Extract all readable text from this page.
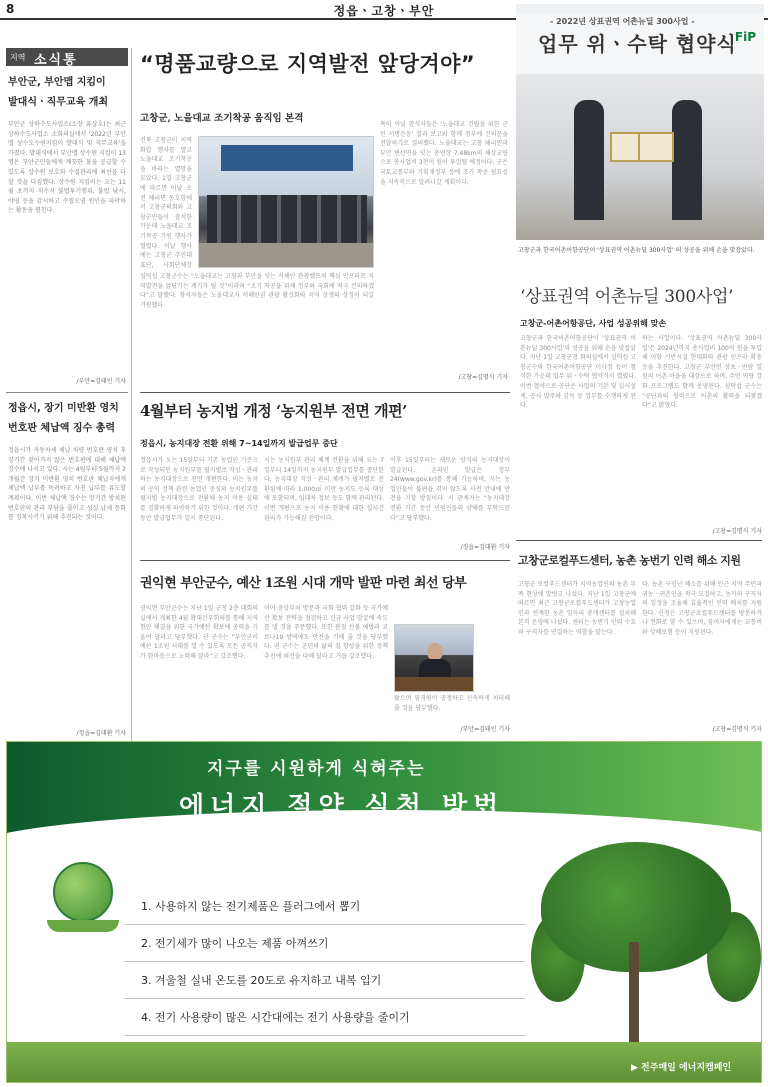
8	정읍ㆍ고창ㆍ부안
지역 소식통
부안군, 부안맵 지킴이
발대식ㆍ직무교육 개최
부안군 상하수도사업소(소장 유상호)는 최근 상하수도사업소 소회의실에서 '2022년 부안맵 상수도수원지킴이 발대식 및 직무교육'을 가졌다. 발대식에서 부안맵 상수원 지킴이 13명은 부안군민들에게 깨끗한 물을 공급할 수 있도록 상수원 보호와 수질관리에 최선을 다할 것을 다짐했다. 상수원 지킴이는 오는 11월 초까지 저수지 불법투기행위, 불법 낚시, 야영 등을 감시하고 수질오염 원인을 파악하는 활동을 펼친다.
/부안=김태인 기자
정읍시, 장기 미반환 영치
번호판 체납액 징수 총력
정읍시가 자동차세 체납 차량 번호판 영치 후 장기간 찾아가지 않은 번호판에 대해 체납액 징수에 나서고 있다. 시는 4월부터 5월까지 2개월간 장기 미반환 영치 번호판 체납자에게 체납액 납부를 독려하고 자진 납부를 유도할 계획이다. 이번 체납액 징수는 장기간 방치된 번호판의 관리 부담을 줄이고 성실 납세 문화를 정착시키기 위해 추진되는 것이다.
/정읍=김대환 기자
“명품교량으로 지역발전 앞당겨야”
고창군, 노을대교 조기착공 움직임 본격
전북 고창군이 지역화합 행사를 열고 노을대교 조기착공을 바라는 열망을 모았다. 1일 고창군에 따르면 이날 오전 해리면 동호항에서 고창군의회와 고창군민들이 참석한 가운데 노을대교 조기착공 기원 행사가 열렸다. 이날 행사에는 고창군 주민대표단, 사회단체장
심덕섭 고창군수는 “노을대교는 고창과 부안을 잇는 서해안 관광벨트의 핵심 인프라로 지역발전을 앞당기는 계기가 될 것”이라며 “조기 착공을 위해 정부와 국회에 적극 건의하겠다”고 말했다. 참석자들은 노을대교가 서해안권 관광 활성화와 지역 상생의 상징이 되길 기원했다.
특히 이날 참석자들은 '노을대교 건립을 위한 군민 서명운동' 결과 보고와 함께 정부에 건의문을 전달하기로 결의했다. 노을대교는 고창 해리면과 부안 변산면을 잇는 총연장 7.48km의 해상교량으로 총사업비 3천억 원이 투입될 예정이다. 군은 국토교통부와 기획재정부 등에 조기 착공 필요성을 지속적으로 알려나갈 계획이다.
/고창=김명식 기자
- 2022년 상표권역 어촌뉴딜 300사업 -
업무 위ㆍ수탁 협약식
FiP
고창군과 한국어촌어항공단이 '상표권역 어촌뉴딜 300사업' 의 성공을 위해 손을 맞잡았다.
‘상표권역 어촌뉴딜 300사업’
고창군-어촌어항공단, 사업 성공위해 맞손
고창군과 한국어촌어항공단이 '상표권역 어촌뉴딜 300사업'의 성공을 위해 손을 맞잡았다. 지난 1일 고창군청 회의실에서 심덕섭 고창군수와 한국어촌어항공단 이사장 등이 참석한 가운데 업무 위ㆍ수탁 협약식이 열렸다. 이번 협약으로 공단은 사업의 기본 및 실시설계, 공사 발주와 감독 등 업무를 수행하게 된다.
하는 사업이다. '상표권역 어촌뉴딜 300사업'은 2024년까지 총사업비 100억 원을 투입해 어항 기반시설 현대화와 관광 인프라 확충 등을 추진한다. 고창군 부안면 상포ㆍ반암 일원의 어촌 마을을 대상으로 하며, 주민 역량 강화 프로그램도 함께 운영된다. 심덕섭 군수는 “공단과의 협력으로 어촌의 활력을 되찾겠다”고 밝혔다.
/고창=김명식 기자
4월부터 농지법 개정 ‘농지원부 전면 개편’
정읍시, 농지대장 전환 위해 7~14일까지 발급업무 중단
정읍시가 오는 15일부터 기존 농업인 기준으로 작성되던 농지원부를 필지별로 작성ㆍ관리하는 농지대장으로 전면 개편한다. 이는 농지의 공익 정책 관련 농업인 중심의 농지원부를 필지별 농지대장으로 전환해 농지 이용 실태를 정확하게 파악하기 위한 것이다. 개편 기간 동안 발급업무가 일시 중단된다.
시는 농지원부 관리 체계 전환을 위해 오는 7일부터 14일까지 농지원부 발급업무를 중단한다. 농지대장 작성ㆍ관리 체계가 필지별로 전환됨에 따라 1,000㎡ 미만 농지도 등록 대상에 포함되며, 임대차 정보 등도 함께 관리된다. 이번 개편으로 농지 이용 현황에 대한 실시간 관리가 가능해질 전망이다.
이후 15일부터는 새로운 양식의 농지대장이 발급된다. 온라인 발급은 정부24(www.gov.kr)를 통해 가능하며, 시는 농업인들이 불편을 겪지 않도록 사전 안내에 만전을 기할 방침이다. 시 관계자는 “농지대장 전환 기간 동안 민원인들의 양해를 부탁드린다”고 당부했다.
/정읍=김대환 기자
권익현 부안군수, 예산 1조원 시대 개막 발판 마련 최선 당부
권익현 부안군수는 지난 1일 군청 2층 대회의실에서 개최한 4월 확대간부회의를 통해 지역현안 해결을 위한 국가예산 확보에 총력을 기울여 달라고 당부했다. 권 군수는 “부안군이 예산 1조원 시대를 열 수 있도록 모든 공직자가 한마음으로 노력해 달라”고 강조했다.
이어 중앙부처 방문과 국회 협력 강화 등 국가예산 확보 전략을 점검하고 신규 사업 발굴에 속도를 낼 것을 주문했다. 또한 봄철 산불 예방과 코로나19 방역에도 만전을 기해 줄 것을 당부했다. 권 군수는 군민의 삶의 질 향상을 위한 정책 추진에 최선을 다해 달라고 거듭 강조했다.
왔으며 임직원이 공정하고 신속하게 처리해줄 것을 당부했다.
/부안=김태인 기자
고창군로컬푸드센터, 농촌 농번기 인력 해소 지원
고창군 로컬푸드센터가 지역농업인의 농촌 부족 현상에 발벗고 나섰다. 지난 1일 고창군에 따르면 최근 고창군로컬푸드센터가 고창농업인과 연계한 농촌 일자리 중개센터를 설치해 본격 운영에 나섰다. 센터는 농번기 인력 수요와 구직자를 연결하는 역할을 맡는다.
다. 농촌 구인난 해소를 위해 인근 지역 주민과 귀농ㆍ귀촌인을 적극 모집하고, 농가와 구직자의 일정을 조율해 효율적인 인력 배치를 지원한다. 신청은 고창군로컬푸드센터를 방문하거나 전화로 할 수 있으며, 참여자에게는 교통비와 상해보험 등이 지원된다.
/고창=김명식 기자
지구를 시원하게 식혀주는
에너지 절약 실천 방법
1. 사용하지 않는 전기제품은 플러그에서 뽑기
2. 전기세가 많이 나오는 제품 아껴쓰기
3. 겨울철 실내 온도를 20도로 유지하고 내복 입기
4. 전기 사용량이 많은 시간대에는 전기 사용량을 줄이기
▶ 전주매일 에너지캠페인
